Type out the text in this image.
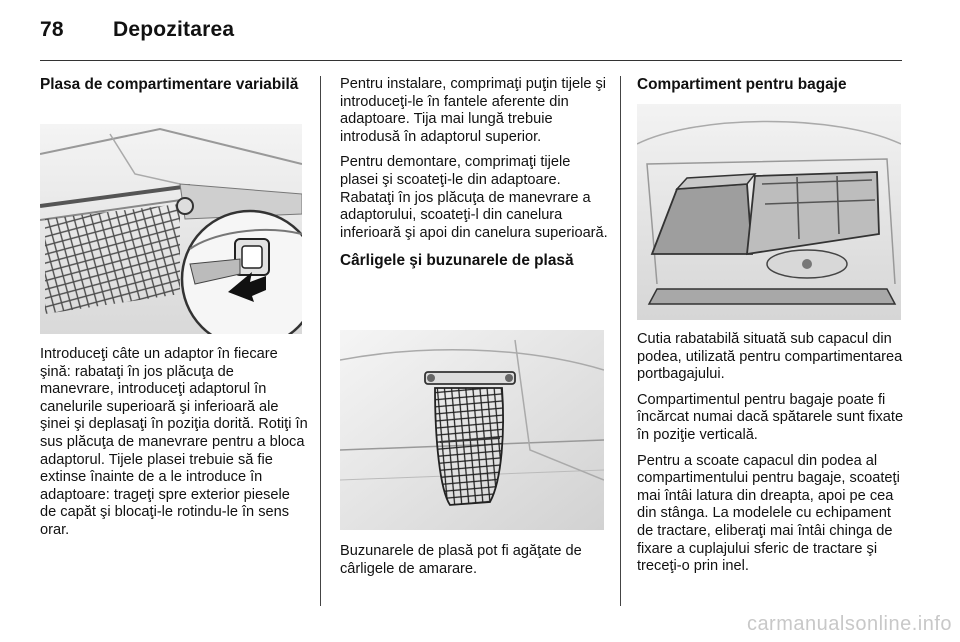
78 Depozitarea

Plasa de compartimentare variabilă

Introduceţi câte un adaptor în fiecare şină: rabataţi în jos plăcuţa de manevrare, introduceţi adaptorul în canelurile superioară şi inferioară ale şinei şi deplasaţi în poziţia dorită. Rotiţi în sus plăcuţa de manevrare pentru a bloca adaptorul. Tijele plasei trebuie să fie extinse înainte de a le introduce în adaptoare: trageţi spre exterior piesele de capăt şi blocaţi-le rotindu-le în sens orar.

Pentru instalare, comprimaţi puţin tijele şi introduceţi-le în fantele aferente din adaptoare. Tija mai lungă trebuie introdusă în adaptorul superior.

Pentru demontare, comprimaţi tijele plasei şi scoateţi-le din adaptoare. Rabataţi în jos plăcuţa de manevrare a adaptorului, scoateţi-l din canelura inferioară şi apoi din canelura superioară.

Cârligele şi buzunarele de plasă

Buzunarele de plasă pot fi agăţate de cârligele de amarare.

Compartiment pentru bagaje

Cutia rabatabilă situată sub capacul din podea, utilizată pentru compartimentarea portbagajului.

Compartimentul pentru bagaje poate fi încărcat numai dacă spătarele sunt fixate în poziţie verticală.

Pentru a scoate capacul din podea al compartimentului pentru bagaje, scoateţi mai întâi latura din dreapta, apoi pe cea din stânga. La modelele cu echipament de tractare, eliberaţi mai întâi chinga de fixare a cuplajului sferic de tractare şi treceţi-o prin inel.

carmanualsonline.info
